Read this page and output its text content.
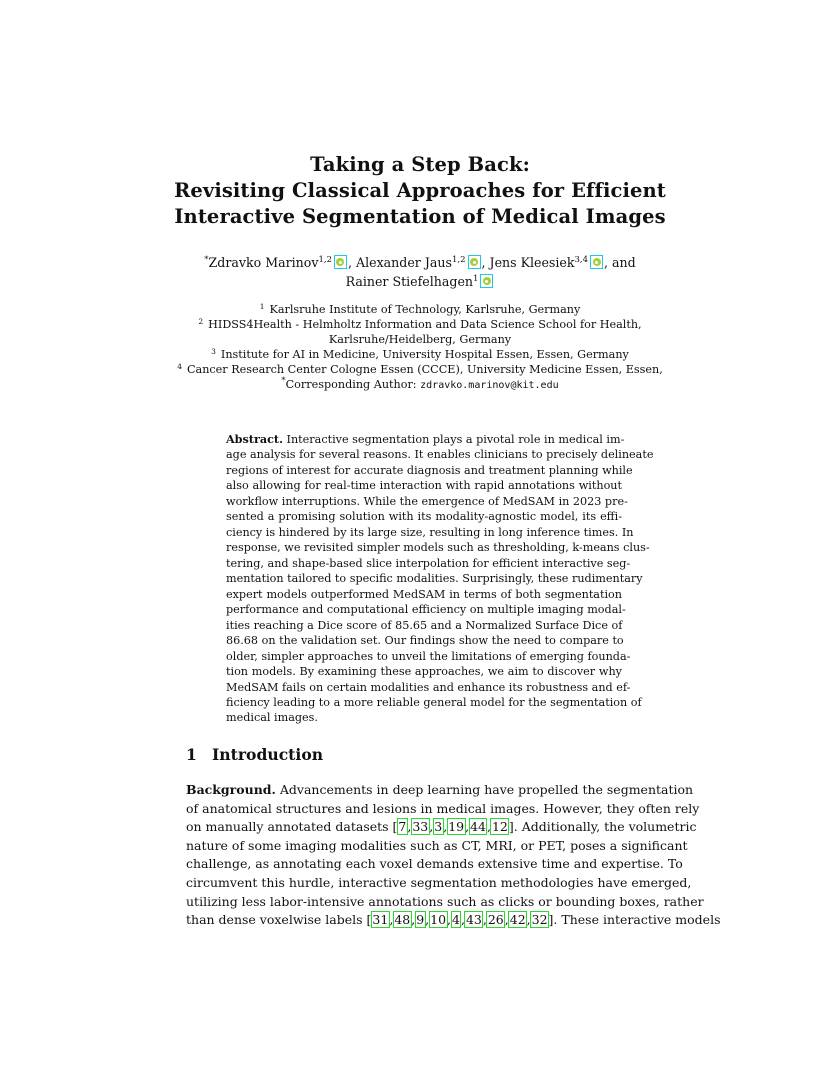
Taking a Step Back:
Revisiting Classical Approaches for Efficient
Interactive Segmentation of Medical Images
*Zdravko Marinov$^{1,2}$ , Alexander Jaus$^{1,2}$ , Jens Kleesiek$^{3,4}$ , and Rainer Stiefelhagen$^1$
$^1$ Karlsruhe Institute of Technology, Karlsruhe, Germany
$^2$ HIDSS4Health - Helmholtz Information and Data Science School for Health,
Karlsruhe/Heidelberg, Germany
$^3$ Institute for AI in Medicine, University Hospital Essen, Essen, Germany
$^4$ Cancer Research Center Cologne Essen (CCCE), University Medicine Essen, Essen,
*Corresponding Author: zdravko.marinov@kit.edu
Abstract. Interactive segmentation plays a pivotal role in medical im-
age analysis for several reasons. It enables clinicians to precisely delineate
regions of interest for accurate diagnosis and treatment planning while
also allowing for real-time interaction with rapid annotations without
workflow interruptions. While the emergence of MedSAM in 2023 pre-
sented a promising solution with its modality-agnostic model, its effi-
ciency is hindered by its large size, resulting in long inference times. In
response, we revisited simpler models such as thresholding, k-means clus-
tering, and shape-based slice interpolation for efficient interactive seg-
mentation tailored to specific modalities. Surprisingly, these rudimentary
expert models outperformed MedSAM in terms of both segmentation
performance and computational efficiency on multiple imaging modal-
ities reaching a Dice score of 85.65 and a Normalized Surface Dice of
86.68 on the validation set. Our findings show the need to compare to
older, simpler approaches to unveil the limitations of emerging founda-
tion models. By examining these approaches, we aim to discover why
MedSAM fails on certain modalities and enhance its robustness and ef-
ficiency leading to a more reliable general model for the segmentation of
medical images.
1 Introduction
Background. Advancements in deep learning have propelled the segmentation
of anatomical structures and lesions in medical images. However, they often rely
on manually annotated datasets [7,33,3,19,44,12]. Additionally, the volumetric
nature of some imaging modalities such as CT, MRI, or PET, poses a significant
challenge, as annotating each voxel demands extensive time and expertise. To
circumvent this hurdle, interactive segmentation methodologies have emerged,
utilizing less labor-intensive annotations such as clicks or bounding boxes, rather
than dense voxelwise labels [31,48,9,10,4,43,26,42,32]. These interactive models
